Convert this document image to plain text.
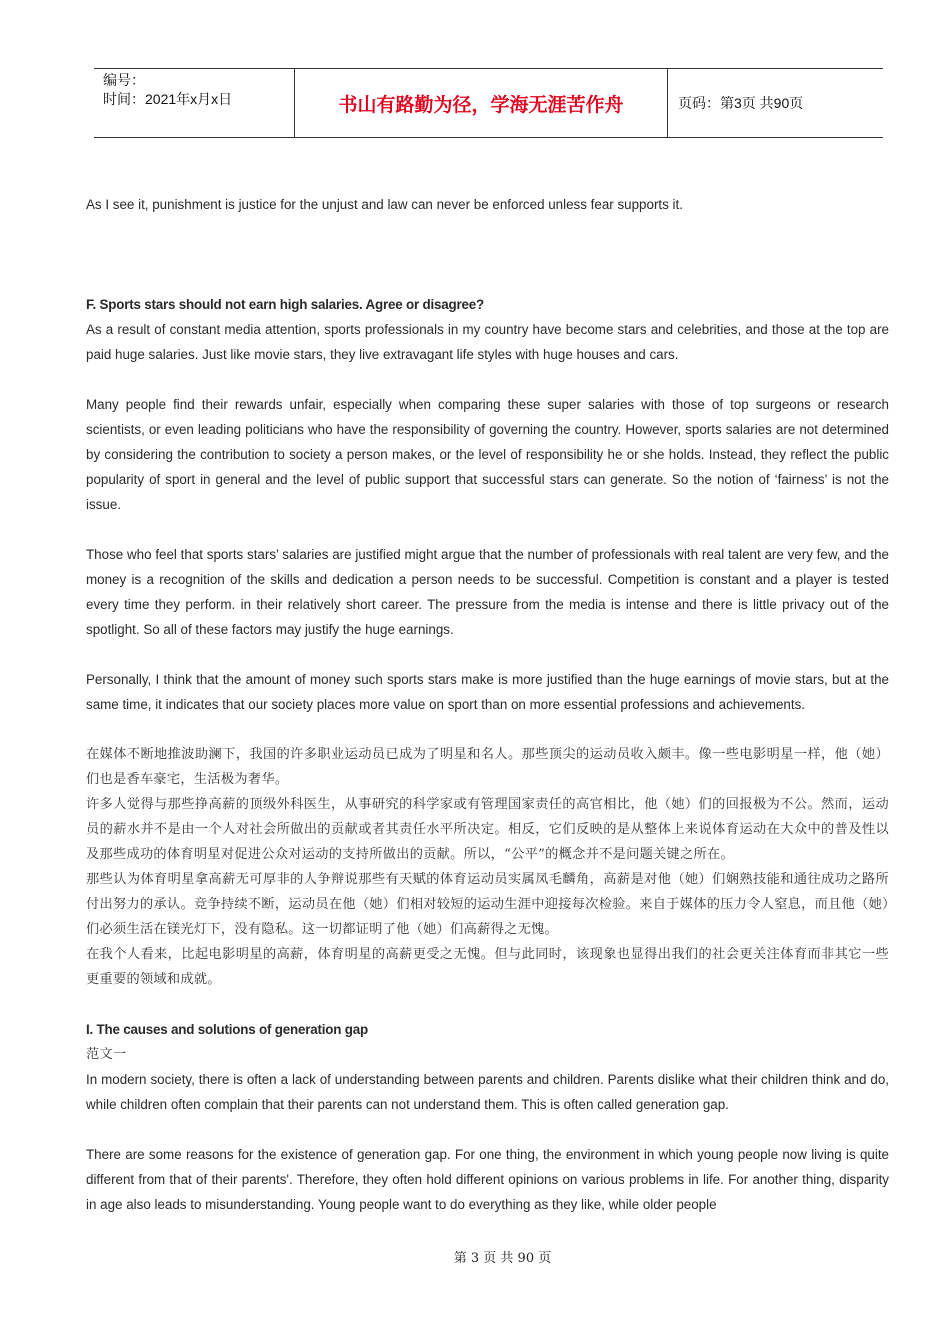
编号：
时间：2021年x月x日	书山有路勤为径，学海无涯苦作舟	页码：第3页 共90页

As I see it, punishment is justice for the unjust and law can never be enforced unless fear supports it.

F. Sports stars should not earn high salaries. Agree or disagree?

As a result of constant media attention, sports professionals in my country have become stars and celebrities, and those at the top are paid huge salaries. Just like movie stars, they live extravagant life styles with huge houses and cars.

Many people find their rewards unfair, especially when comparing these super salaries with those of top surgeons or research scientists, or even leading politicians who have the responsibility of governing the country. However, sports salaries are not determined by considering the contribution to society a person makes, or the level of responsibility he or she holds. Instead, they reflect the public popularity of sport in general and the level of public support that successful stars can generate. So the notion of ‘fairness’ is not the issue.

Those who feel that sports stars’ salaries are justified might argue that the number of professionals with real talent are very few, and the money is a recognition of the skills and dedication a person needs to be successful. Competition is constant and a player is tested every time they perform. in their relatively short career. The pressure from the media is intense and there is little privacy out of the spotlight. So all of these factors may justify the huge earnings.

Personally, I think that the amount of money such sports stars make is more justified than the huge earnings of movie stars, but at the same time, it indicates that our society places more value on sport than on more essential professions and achievements.

在媒体不断地推波助澜下，我国的许多职业运动员已成为了明星和名人。那些顶尖的运动员收入颇丰。像一些电影明星一样，他（她）们也是香车豪宅，生活极为奢华。

许多人觉得与那些挣高薪的顶级外科医生，从事研究的科学家或有管理国家责任的高官相比，他（她）们的回报极为不公。然而，运动员的薪水并不是由一个人对社会所做出的贡献或者其责任水平所决定。相反，它们反映的是从整体上来说体育运动在大众中的普及性以及那些成功的体育明星对促进公众对运动的支持所做出的贡献。所以，“公平”的概念并不是问题关键之所在。

那些认为体育明星拿高薪无可厚非的人争辩说那些有天赋的体育运动员实属凤毛麟角，高薪是对他（她）们娴熟技能和通往成功之路所付出努力的承认。竞争持续不断，运动员在他（她）们相对较短的运动生涯中迎接每次检验。来自于媒体的压力令人窒息，而且他（她）们必须生活在镁光灯下，没有隐私。这一切都证明了他（她）们高薪得之无愧。

在我个人看来，比起电影明星的高薪，体育明星的高薪更受之无愧。但与此同时，该现象也显得出我们的社会更关注体育而非其它一些更重要的领域和成就。

I. The causes and solutions of generation gap

范文一

In modern society, there is often a lack of understanding between parents and children. Parents dislike what their children think and do, while children often complain that their parents can not understand them. This is often called generation gap.

There are some reasons for the existence of generation gap. For one thing, the environment in which young people now living is quite different from that of their parents'. Therefore, they often hold different opinions on various problems in life. For another thing, disparity in age also leads to misunderstanding. Young people want to do everything as they like, while older people

第 3 页 共 90 页
